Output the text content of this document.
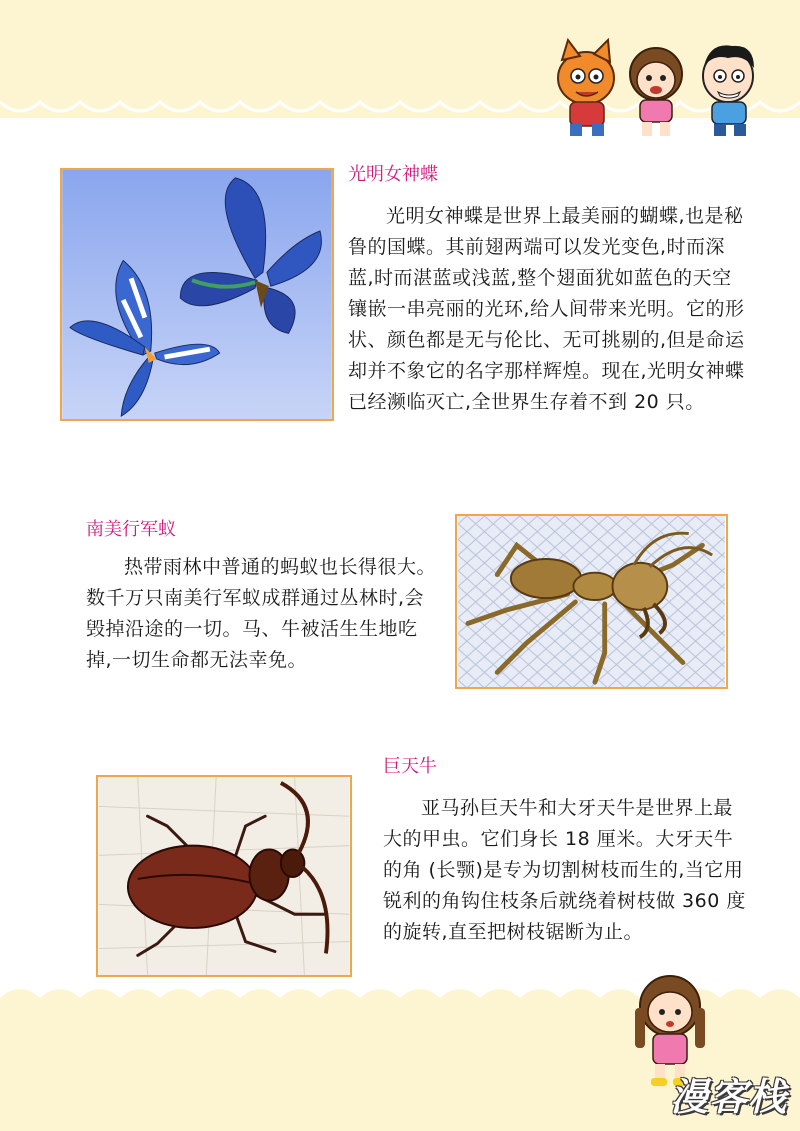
光明女神蝶

光明女神蝶是世界上最美丽的蝴蝶,也是秘鲁的国蝶。其前翅两端可以发光变色,时而深蓝,时而湛蓝或浅蓝,整个翅面犹如蓝色的天空镶嵌一串亮丽的光环,给人间带来光明。它的形状、颜色都是无与伦比、无可挑剔的,但是命运却并不象它的名字那样辉煌。现在,光明女神蝶已经濒临灭亡,全世界生存着不到 20 只。

南美行军蚁

热带雨林中普通的蚂蚁也长得很大。数千万只南美行军蚁成群通过丛林时,会毁掉沿途的一切。马、牛被活生生地吃掉,一切生命都无法幸免。

巨天牛

亚马孙巨天牛和大牙天牛是世界上最大的甲虫。它们身长 18 厘米。大牙天牛的角 (长颚)是专为切割树枝而生的,当它用锐利的角钩住枝条后就绕着树枝做 360 度的旋转,直至把树枝锯断为止。

漫客栈
